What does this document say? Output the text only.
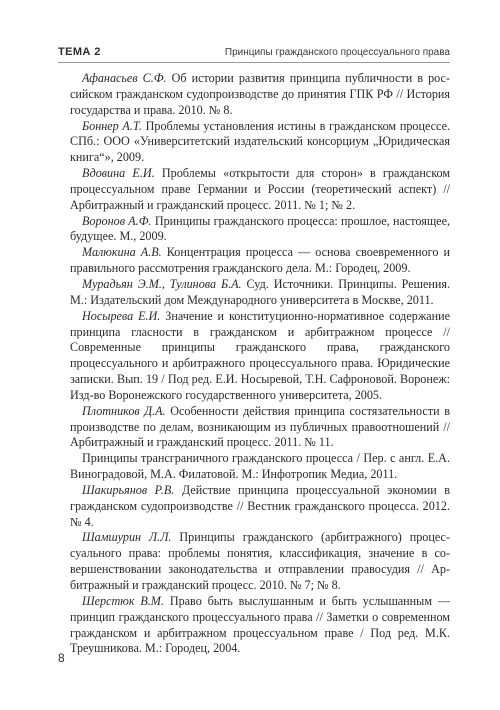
ТЕМА 2	Принципы гражданского процессуального права
Афанасьев С.Ф. Об истории развития принципа публичности в российском гражданском судопроизводстве до принятия ГПК РФ // История государства и права. 2010. № 8.
Боннер А.Т. Проблемы установления истины в гражданском процессе. СПб.: ООО «Университетский издательский консорциум „Юридическая книга“», 2009.
Вдовина Е.И. Проблемы «открытости для сторон» в гражданском процессуальном праве Германии и России (теоретический аспект) // Арбитражный и гражданский процесс. 2011. № 1; № 2.
Воронов А.Ф. Принципы гражданского процесса: прошлое, настоящее, будущее. М., 2009.
Малюкина А.В. Концентрация процесса — основа своевременного и правильного рассмотрения гражданского дела. М.: Городец, 2009.
Мурадьян Э.М., Тулинова Б.А. Суд. Источники. Принципы. Решения. М.: Издательский дом Международного университета в Москве, 2011.
Носырева Е.И. Значение и конституционно-нормативное содержание принципа гласности в гражданском и арбитражном процессе // Современные принципы гражданского права, гражданского процессуального и арбитражного процессуального права. Юридические записки. Вып. 19 / Под ред. Е.И. Носыревой, Т.Н. Сафроновой. Воронеж: Изд-во Воронежского государственного университета, 2005.
Плотников Д.А. Особенности действия принципа состязательности в производстве по делам, возникающим из публичных правоотношений // Арбитражный и гражданский процесс. 2011. № 11.
Принципы трансграничного гражданского процесса / Пер. с англ. Е.А. Виноградовой, М.А. Филатовой. М.: Инфотропик Медиа, 2011.
Шакирьянов Р.В. Действие принципа процессуальной экономии в гражданском судопроизводстве // Вестник гражданского процесса. 2012. № 4.
Шамшурин Л.Л. Принципы гражданского (арбитражного) процессуального права: проблемы понятия, классификация, значение в совершенствовании законодательства и отправлении правосудия // Арбитражный и гражданский процесс. 2010. № 7; № 8.
Шерстюк В.М. Право быть выслушанным и быть услышанным — принцип гражданского процессуального права // Заметки о современном гражданском и арбитражном процессуальном праве / Под ред. М.К. Треушникова. М.: Городец, 2004.
8
